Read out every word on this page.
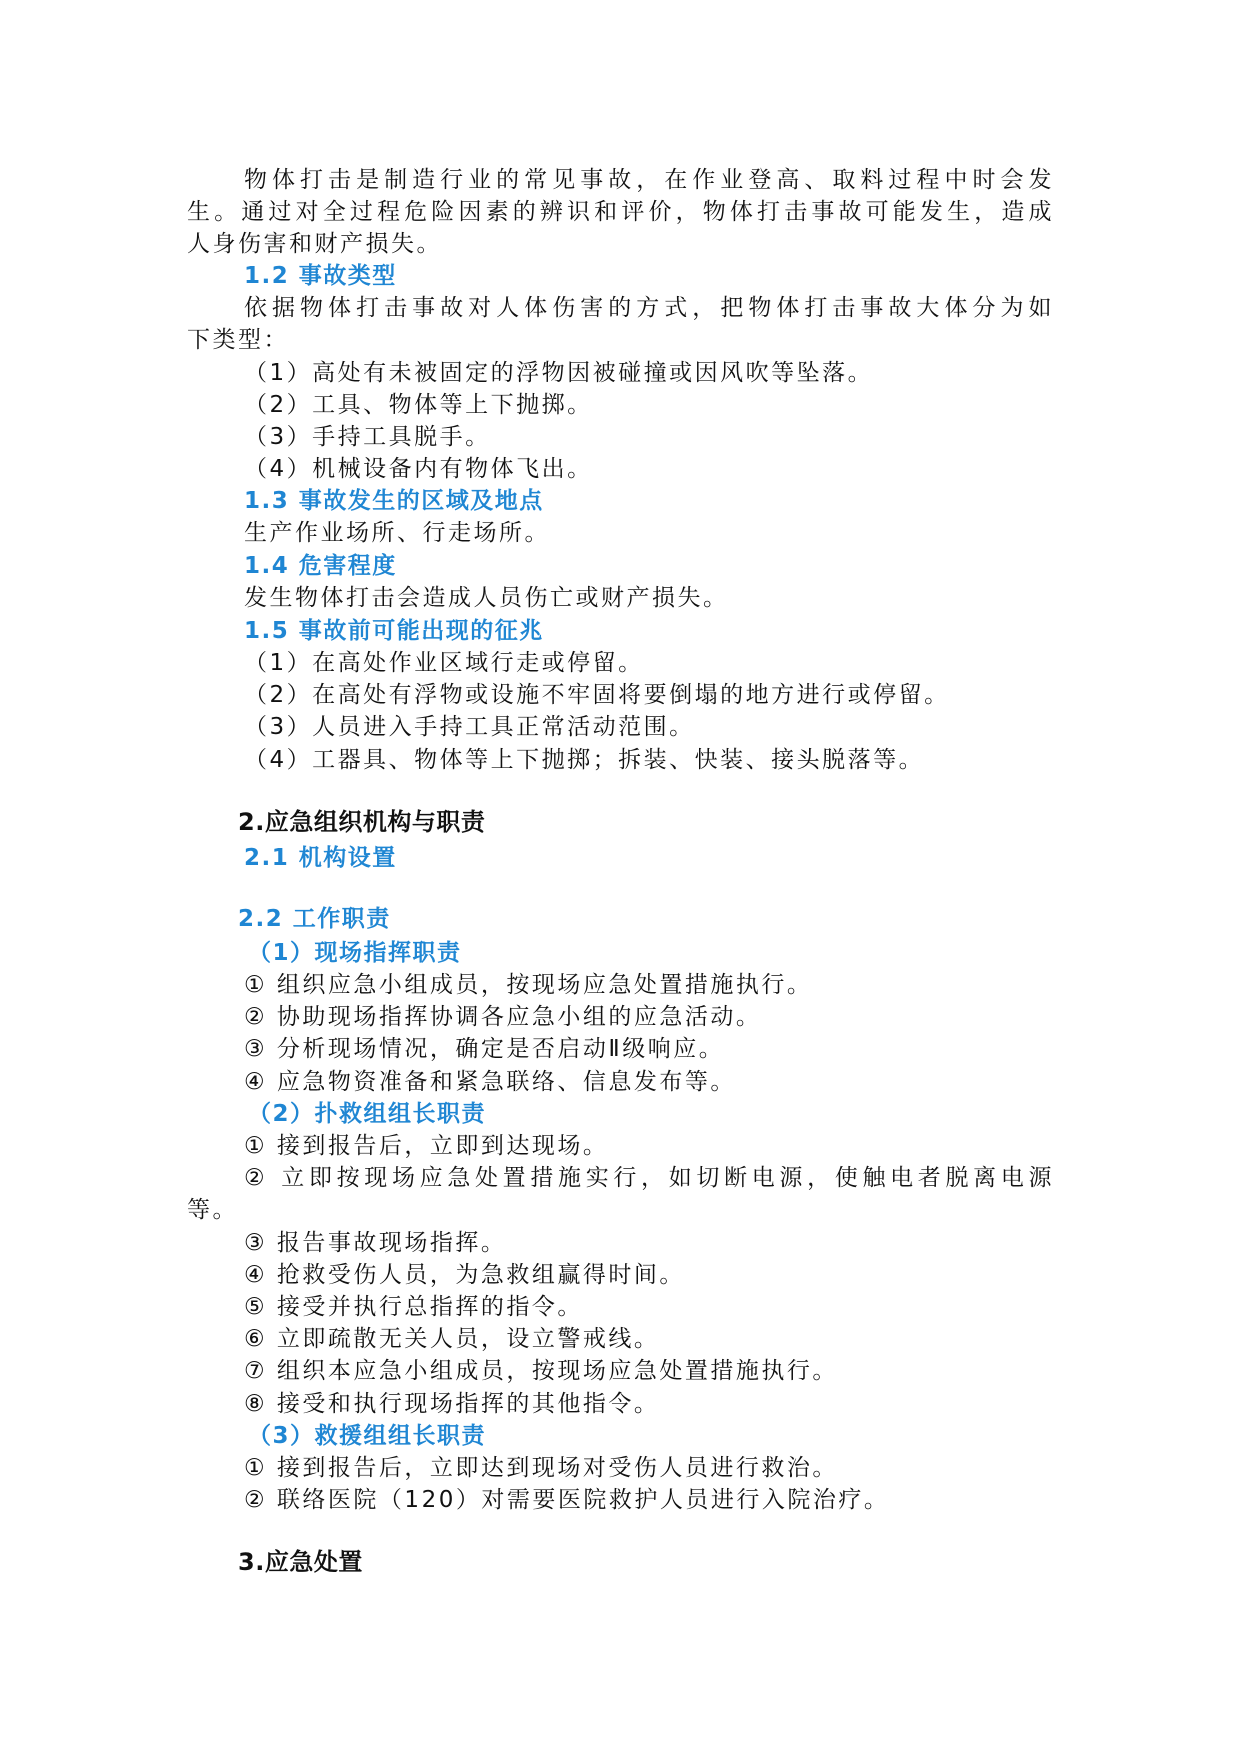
物体打击是制造行业的常见事故，在作业登高、取料过程中时会发
生。通过对全过程危险因素的辨识和评价，物体打击事故可能发生，造成
人身伤害和财产损失。
1.2 事故类型
依据物体打击事故对人体伤害的方式，把物体打击事故大体分为如
下类型：
（1）高处有未被固定的浮物因被碰撞或因风吹等坠落。
（2）工具、物体等上下抛掷。
（3）手持工具脱手。
（4）机械设备内有物体飞出。
1.3 事故发生的区域及地点
生产作业场所、行走场所。
1.4 危害程度
发生物体打击会造成人员伤亡或财产损失。
1.5 事故前可能出现的征兆
（1）在高处作业区域行走或停留。
（2）在高处有浮物或设施不牢固将要倒塌的地方进行或停留。
（3）人员进入手持工具正常活动范围。
（4）工器具、物体等上下抛掷；拆装、快装、接头脱落等。
2.应急组织机构与职责
2.1 机构设置
2.2 工作职责
（1）现场指挥职责
① 组织应急小组成员，按现场应急处置措施执行。
② 协助现场指挥协调各应急小组的应急活动。
③ 分析现场情况，确定是否启动Ⅱ级响应。
④ 应急物资准备和紧急联络、信息发布等。
（2）扑救组组长职责
① 接到报告后，立即到达现场。
② 立即按现场应急处置措施实行，如切断电源，使触电者脱离电源
等。
③ 报告事故现场指挥。
④ 抢救受伤人员，为急救组赢得时间。
⑤ 接受并执行总指挥的指令。
⑥ 立即疏散无关人员，设立警戒线。
⑦ 组织本应急小组成员，按现场应急处置措施执行。
⑧ 接受和执行现场指挥的其他指令。
（3）救援组组长职责
① 接到报告后，立即达到现场对受伤人员进行救治。
② 联络医院（120）对需要医院救护人员进行入院治疗。
3.应急处置
